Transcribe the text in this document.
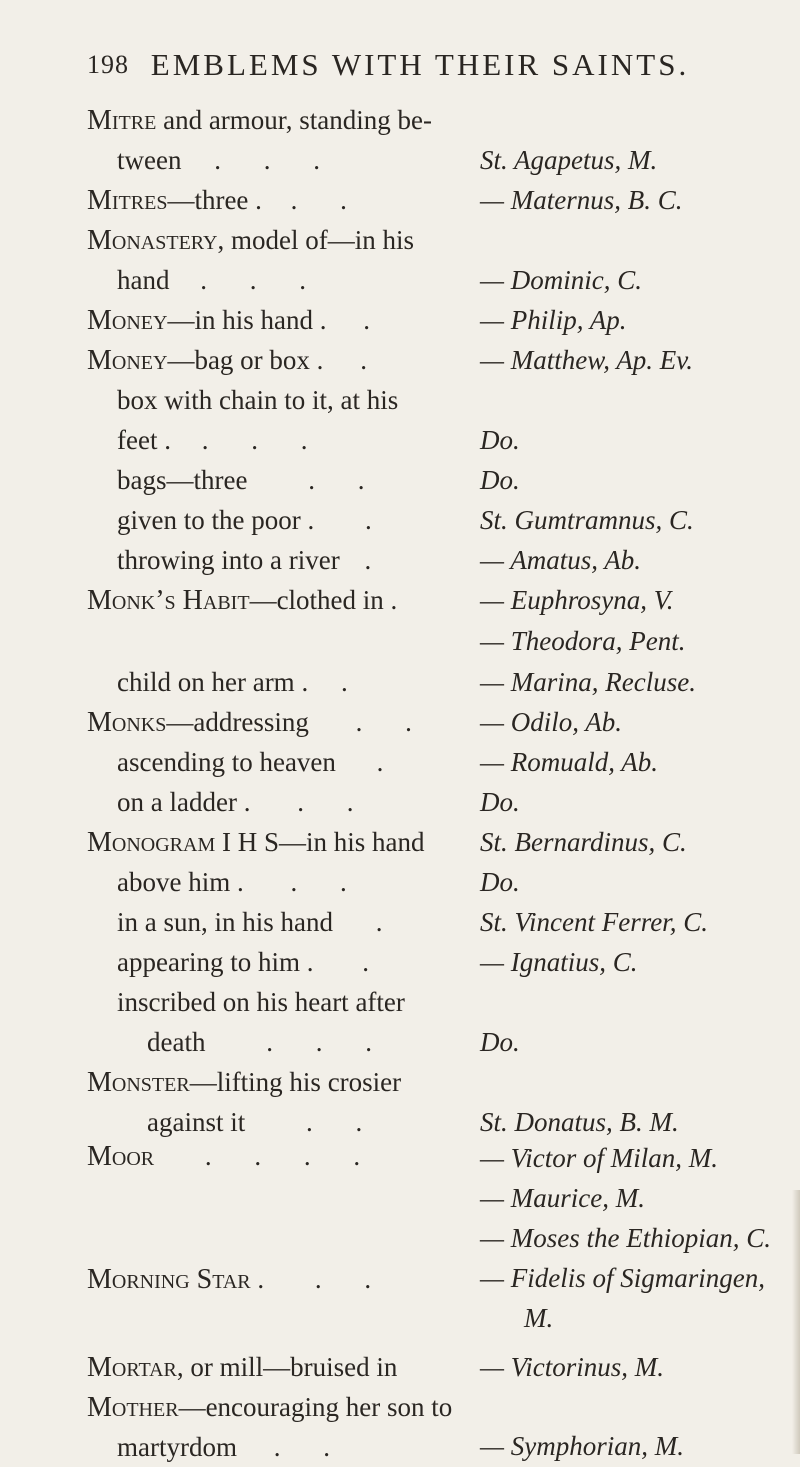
198 EMBLEMS WITH THEIR SAINTS.
Mitre and armour, standing be-
tween . . .
Mitres—three . . .
Monastery, model of—in his
hand . . .
Money—in his hand . .
Money—bag or box . .
box with chain to it, at his
feet . . . .
bags—three . .
given to the poor . .
throwing into a river .
Monk’s Habit—clothed in .
child on her arm . .
Monks—addressing . .
ascending to heaven .
on a ladder . . .
Monogram I H S—in his hand
above him . . .
in a sun, in his hand .
appearing to him . .
inscribed on his heart after
death . . .
Monster—lifting his crosier
against it . .
Moor . . . .
Morning Star . . .
Mortar, or mill—bruised in
Mother—encouraging her son to
martyrdom . .
St. Agapetus, M.
— Maternus, B. C.
— Dominic, C.
— Philip, Ap.
— Matthew, Ap. Ev.
Do.
Do.
St. Gumtramnus, C.
— Amatus, Ab.
— Euphrosyna, V.
— Theodora, Pent.
— Marina, Recluse.
— Odilo, Ab.
— Romuald, Ab.
Do.
St. Bernardinus, C.
Do.
St. Vincent Ferrer, C.
— Ignatius, C.
Do.
St. Donatus, B. M.
— Victor of Milan, M.
— Maurice, M.
— Moses the Ethiopian, C.
— Fidelis of Sigmaringen,
M.
— Victorinus, M.
— Symphorian, M.
